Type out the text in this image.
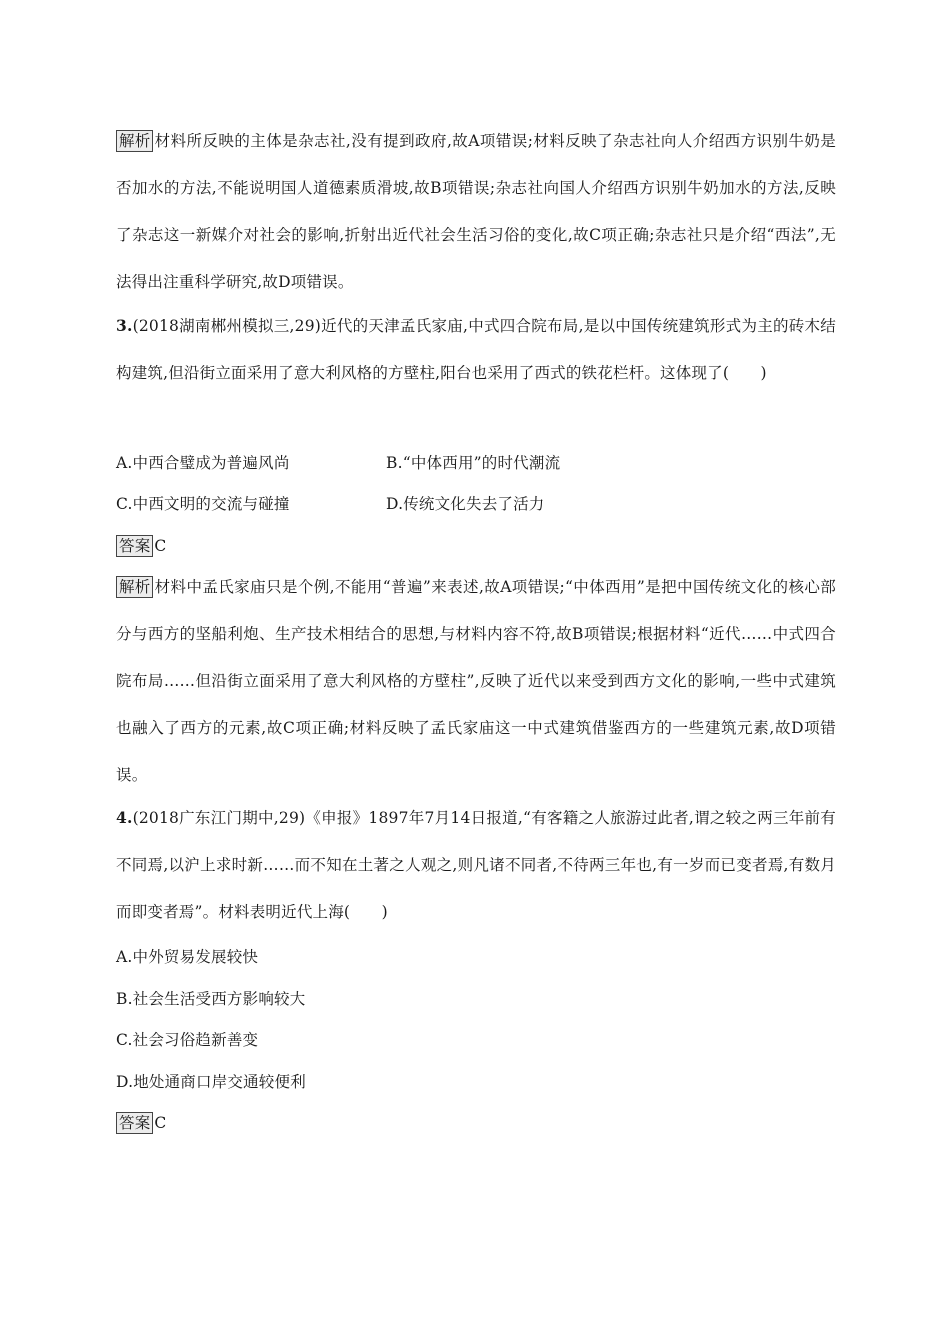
解析 材料所反映的主体是杂志社,没有提到政府,故A项错误;材料反映了杂志社向人介绍西方识别牛奶是否加水的方法,不能说明国人道德素质滑坡,故B项错误;杂志社向国人介绍西方识别牛奶加水的方法,反映了杂志这一新媒介对社会的影响,折射出近代社会生活习俗的变化,故C项正确;杂志社只是介绍“西法”,无法得出注重科学研究,故D项错误。

3.(2018湖南郴州模拟三,29)近代的天津孟氏家庙,中式四合院布局,是以中国传统建筑形式为主的砖木结构建筑,但沿街立面采用了意大利风格的方壁柱,阳台也采用了西式的铁花栏杆。这体现了(　　)

A.中西合璧成为普遍风尚	B.“中体西用”的时代潮流
C.中西文明的交流与碰撞	D.传统文化失去了活力
答案 C

解析 材料中孟氏家庙只是个例,不能用“普遍”来表述,故A项错误;“中体西用”是把中国传统文化的核心部分与西方的坚船利炮、生产技术相结合的思想,与材料内容不符,故B项错误;根据材料“近代……中式四合院布局……但沿街立面采用了意大利风格的方壁柱”,反映了近代以来受到西方文化的影响,一些中式建筑也融入了西方的元素,故C项正确;材料反映了孟氏家庙这一中式建筑借鉴西方的一些建筑元素,故D项错误。

4.(2018广东江门期中,29)《申报》1897年7月14日报道,“有客籍之人旅游过此者,谓之较之两三年前有不同焉,以沪上求时新……而不知在土著之人观之,则凡诸不同者,不待两三年也,有一岁而已变者焉,有数月而即变者焉”。材料表明近代上海(　　)

A.中外贸易发展较快
B.社会生活受西方影响较大
C.社会习俗趋新善变
D.地处通商口岸交通较便利
答案 C
